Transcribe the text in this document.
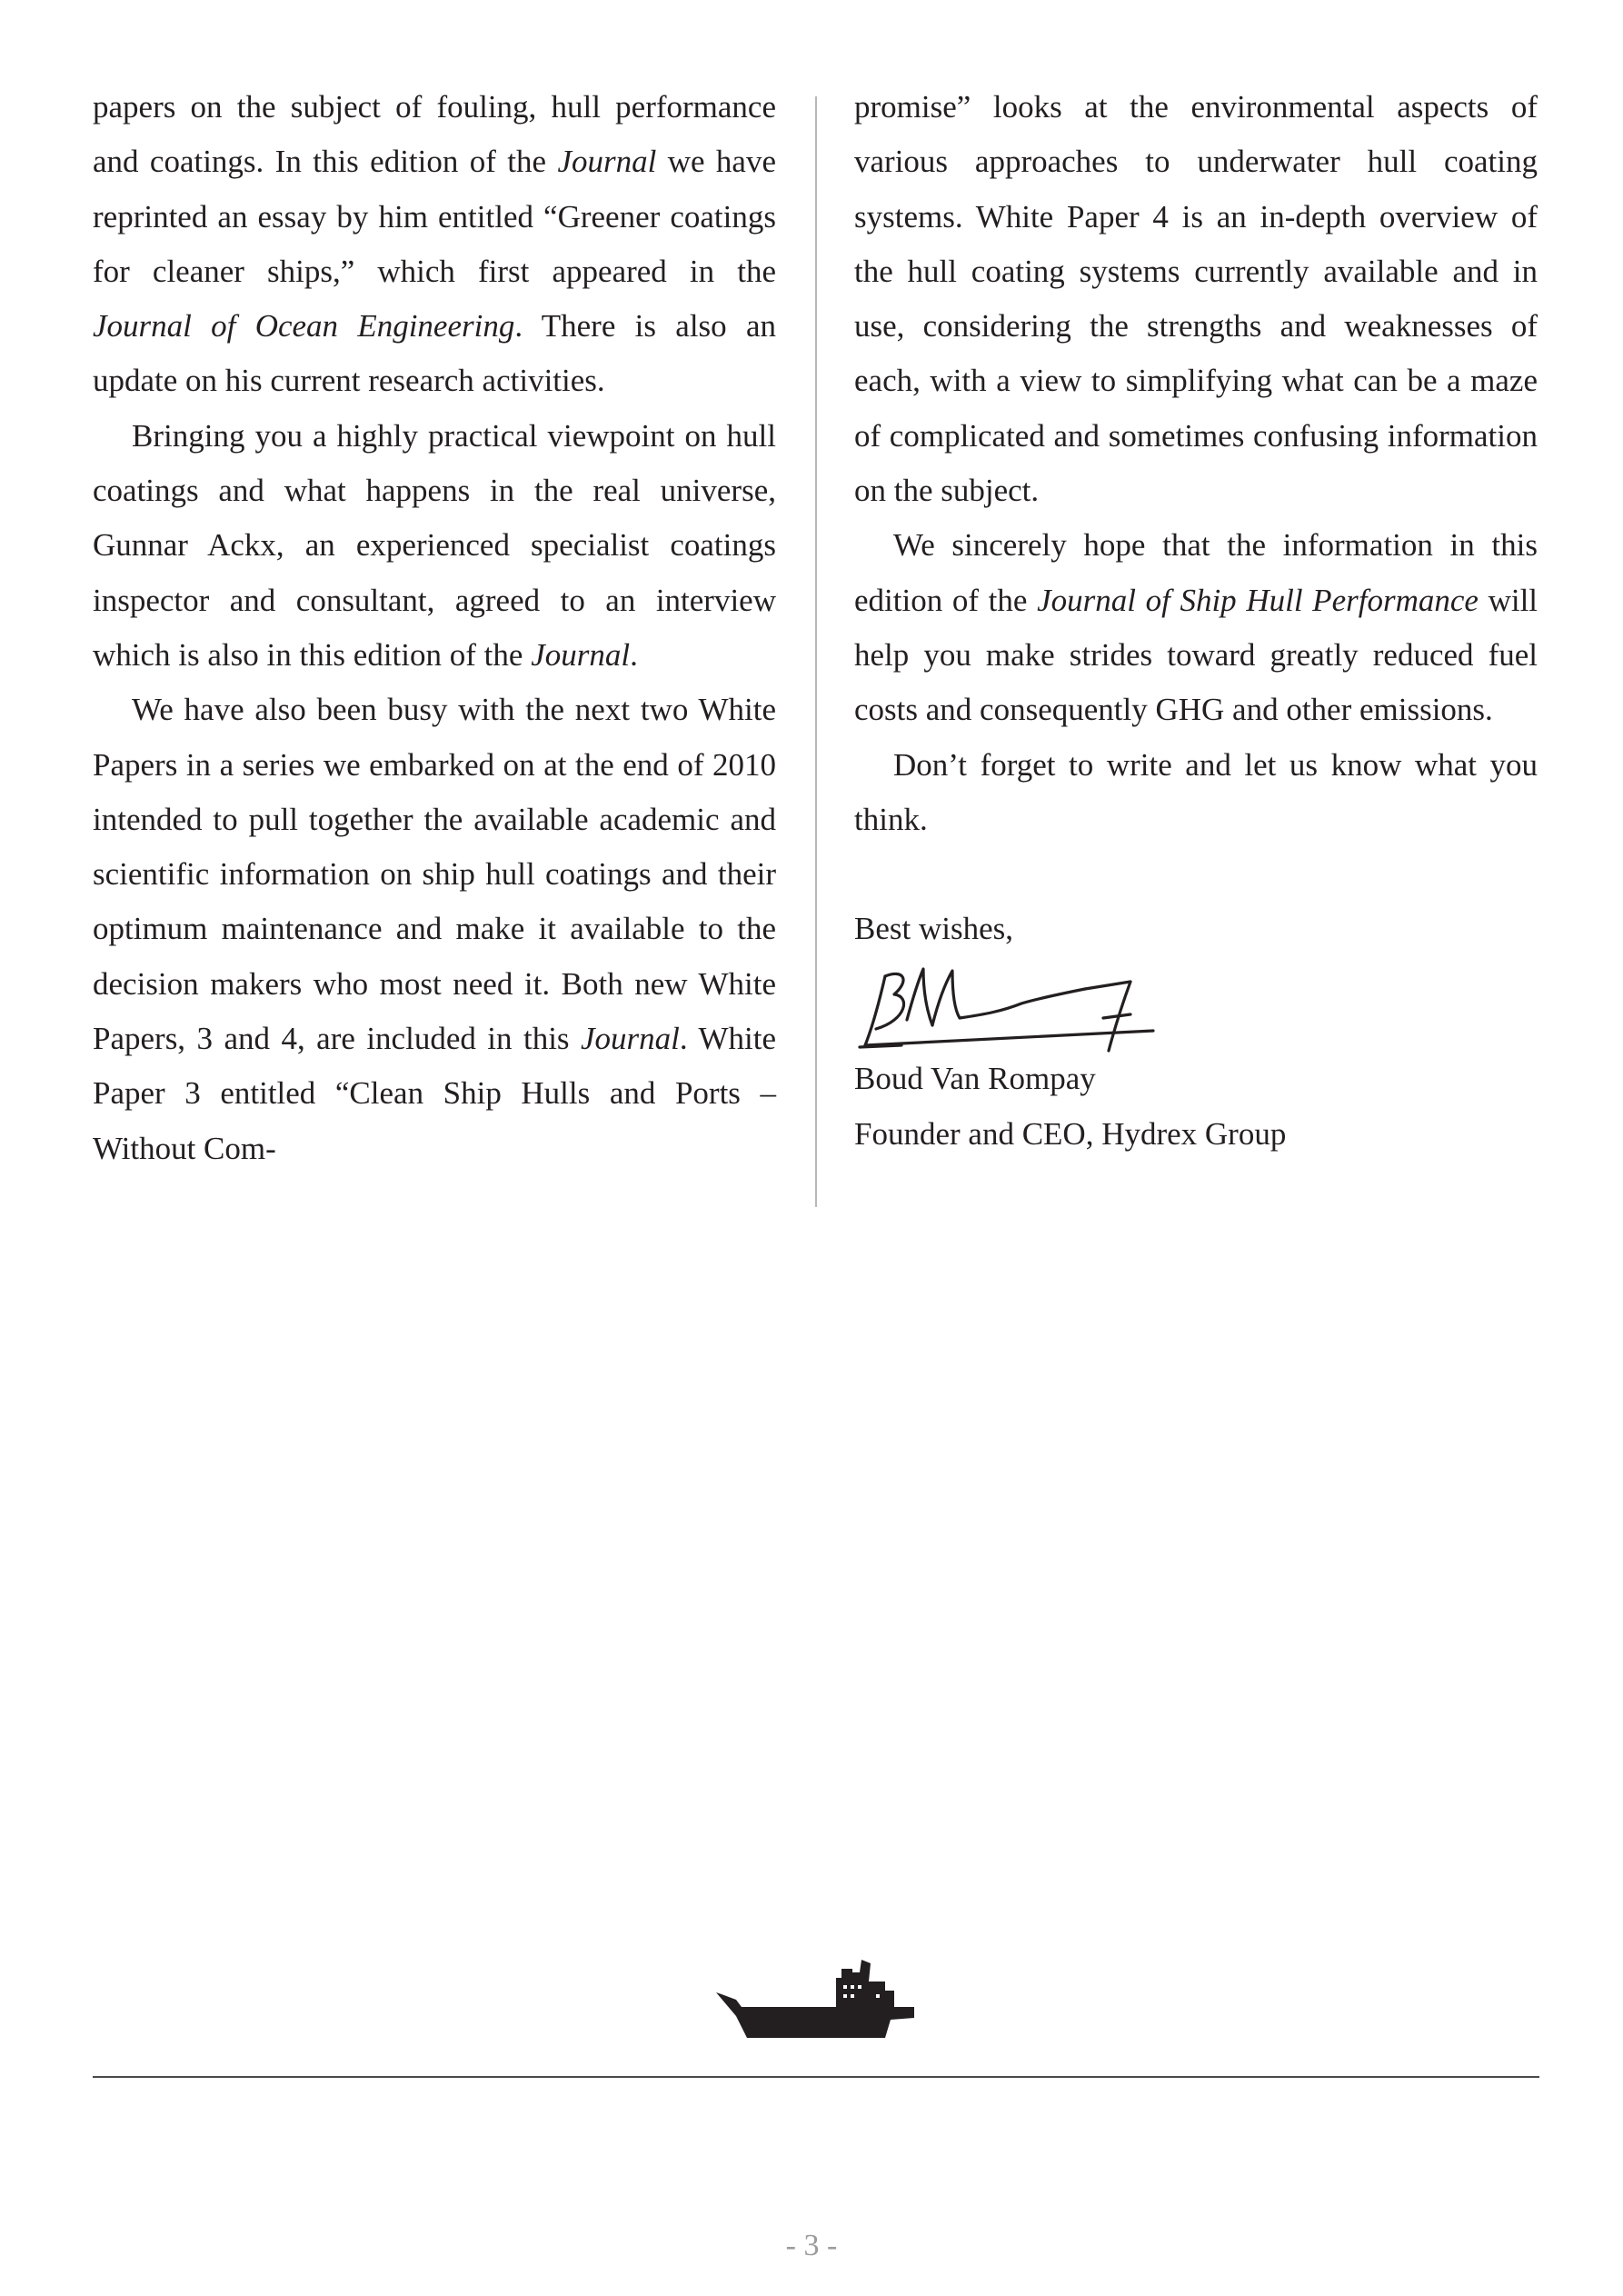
papers on the subject of fouling, hull performance and coatings. In this edition of the Journal we have reprinted an essay by him entitled “Greener coatings for cleaner ships,” which first appeared in the Journal of Ocean Engineering. There is also an update on his current research activities.

Bringing you a highly practical viewpoint on hull coatings and what happens in the real universe, Gunnar Ackx, an experienced specialist coatings inspector and consultant, agreed to an interview which is also in this edition of the Journal.

We have also been busy with the next two White Papers in a series we embarked on at the end of 2010 intended to pull together the available academic and scientific information on ship hull coatings and their optimum maintenance and make it available to the decision makers who most need it. Both new White Papers, 3 and 4, are included in this Journal. White Paper 3 entitled “Clean Ship Hulls and Ports – Without Com-

promise” looks at the environmental aspects of various approaches to underwater hull coating systems. White Paper 4 is an in-depth overview of the hull coating systems currently available and in use, considering the strengths and weaknesses of each, with a view to simplifying what can be a maze of complicated and sometimes confusing information on the subject.

We sincerely hope that the information in this edition of the Journal of Ship Hull Performance will help you make strides toward greatly reduced fuel costs and consequently GHG and other emissions.

Don’t forget to write and let us know what you think.

Best wishes,

Boud Van Rompay

Founder and CEO, Hydrex Group

- 3 -
